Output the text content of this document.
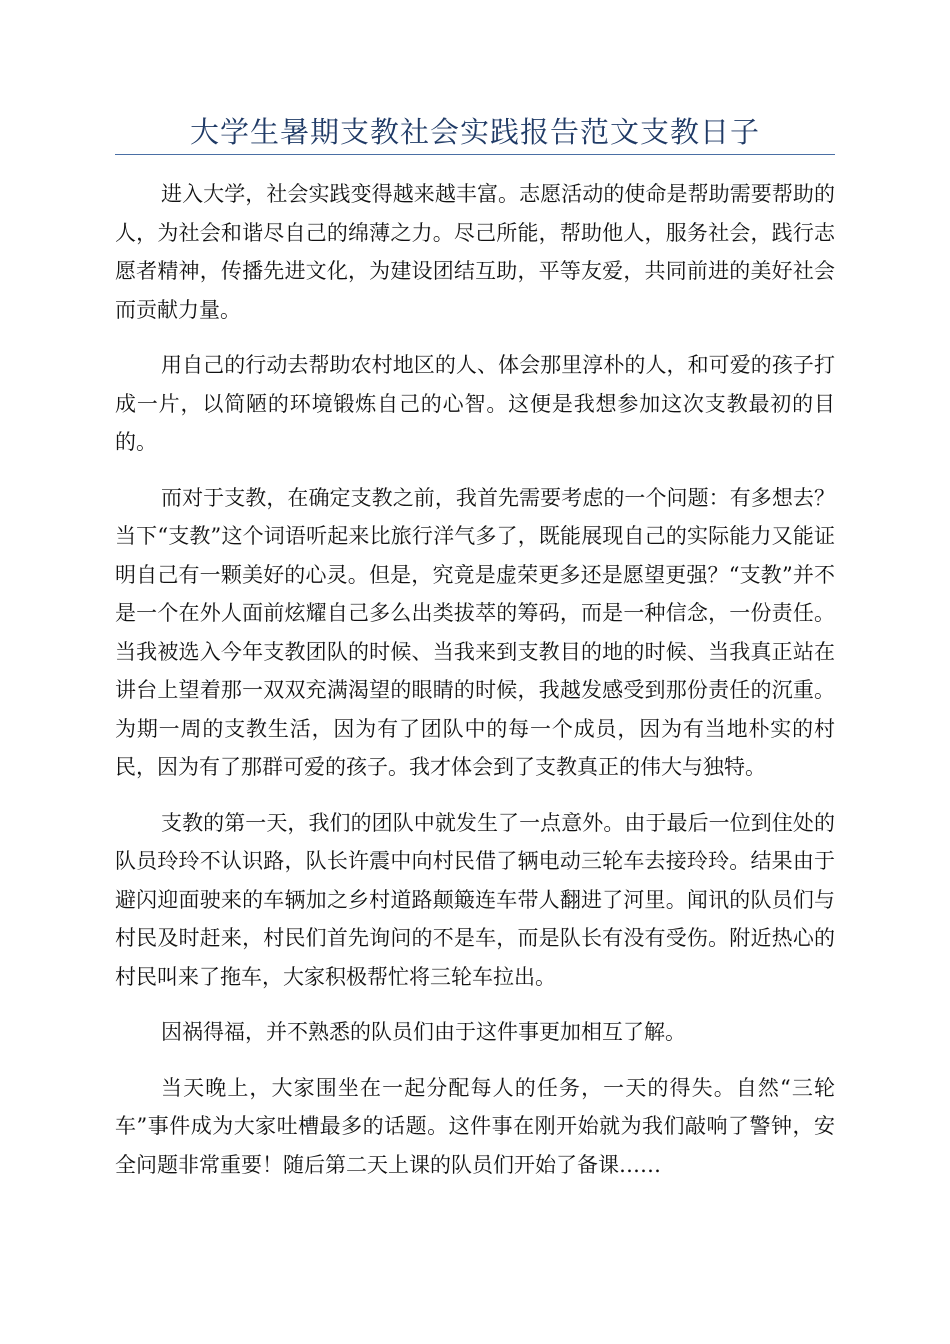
大学生暑期支教社会实践报告范文支教日子

进入大学，社会实践变得越来越丰富。志愿活动的使命是帮助需要帮助的人，为社会和谐尽自己的绵薄之力。尽己所能，帮助他人，服务社会，践行志愿者精神，传播先进文化，为建设团结互助，平等友爱，共同前进的美好社会而贡献力量。

用自己的行动去帮助农村地区的人、体会那里淳朴的人，和可爱的孩子打成一片，以简陋的环境锻炼自己的心智。这便是我想参加这次支教最初的目的。

而对于支教，在确定支教之前，我首先需要考虑的一个问题：有多想去？当下“支教”这个词语听起来比旅行洋气多了，既能展现自己的实际能力又能证明自己有一颗美好的心灵。但是，究竟是虚荣更多还是愿望更强？“支教”并不是一个在外人面前炫耀自己多么出类拔萃的筹码，而是一种信念，一份责任。当我被选入今年支教团队的时候、当我来到支教目的地的时候、当我真正站在讲台上望着那一双双充满渴望的眼睛的时候，我越发感受到那份责任的沉重。为期一周的支教生活，因为有了团队中的每一个成员，因为有当地朴实的村民，因为有了那群可爱的孩子。我才体会到了支教真正的伟大与独特。

支教的第一天，我们的团队中就发生了一点意外。由于最后一位到住处的队员玲玲不认识路，队长许震中向村民借了辆电动三轮车去接玲玲。结果由于避闪迎面驶来的车辆加之乡村道路颠簸连车带人翻进了河里。闻讯的队员们与村民及时赶来，村民们首先询问的不是车，而是队长有没有受伤。附近热心的村民叫来了拖车，大家积极帮忙将三轮车拉出。

因祸得福，并不熟悉的队员们由于这件事更加相互了解。

当天晚上，大家围坐在一起分配每人的任务，一天的得失。自然“三轮车”事件成为大家吐槽最多的话题。这件事在刚开始就为我们敲响了警钟，安全问题非常重要！随后第二天上课的队员们开始了备课……
